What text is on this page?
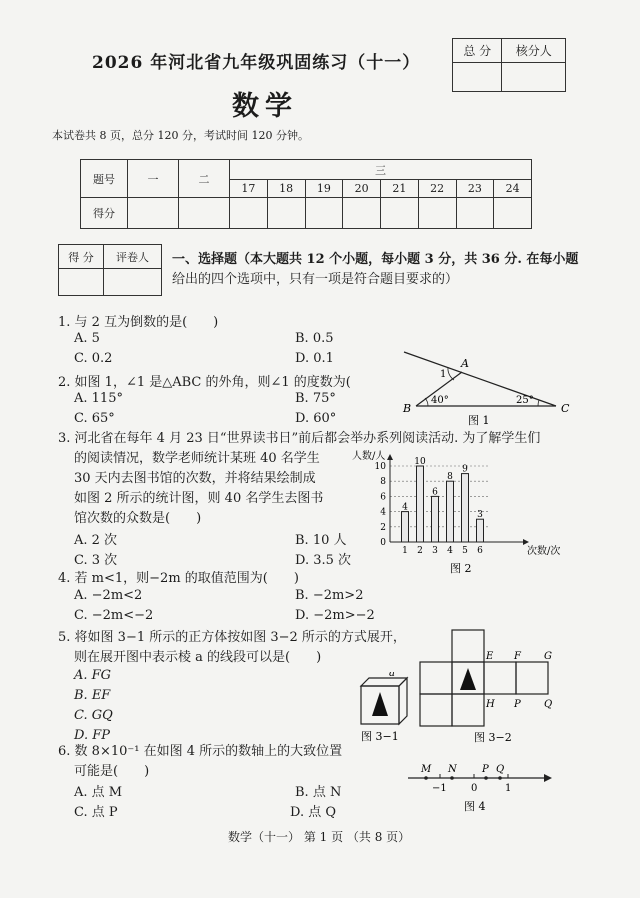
2026 年河北省九年级巩固练习（十一）
数学
本试卷共 8 页，总分 120 分，考试时间 120 分钟。
总 分	核分人

题号	一	二	三							
			17	18	19	20	21	22	23	24
得分										
得 分	评卷人
	一、选择题（本大题共 12 个小题，每小题 3 分，共 36 分. 在每小题
给出的四个选项中，只有一项是符合题目要求的）
1. 与 2 互为倒数的是(　　)
A. 5	B. 0.5
C. 0.2	D. 0.1
2. 如图 1，∠1 是△ABC 的外角，则∠1 的度数为(
A. 115°	B. 75°
C. 65°	D. 60°
A
B	C
1
40°	25°
图 1
3. 河北省在每年 4 月 23 日“世界读书日”前后都会举办系列阅读活动. 为了解学生们
的阅读情况，数学老师统计某班 40 名学生
30 天内去图书馆的次数，并将结果绘制成
如图 2 所示的统计图，则 40 名学生去图书
馆次数的众数是(　　)
A. 2 次	B. 10 人
C. 3 次	D. 3.5 次
人数/人
次数/次
图 2
4
10
6
8
9
3
0
2
4
6
8
10
1 2 3 4 5 6
4. 若 m<1，则−2m 的取值范围为(　　)
A. −2m<2	B. −2m>2
C. −2m<−2	D. −2m>−2
5. 将如图 3−1 所示的正方体按如图 3−2 所示的方式展开，
则在展开图中表示棱 a 的线段可以是(　　)
A. FG
B. EF
C. GQ
D. FP
a
图 3−1
E F G
H P Q
图 3−2
6. 数 8×10⁻¹ 在如图 4 所示的数轴上的大致位置
可能是(　　)
A. 点 M	B. 点 N
C. 点 P	D. 点 Q
M N	P Q
−1 0	1
图 4
数学（十一） 第 1 页 （共 8 页）
